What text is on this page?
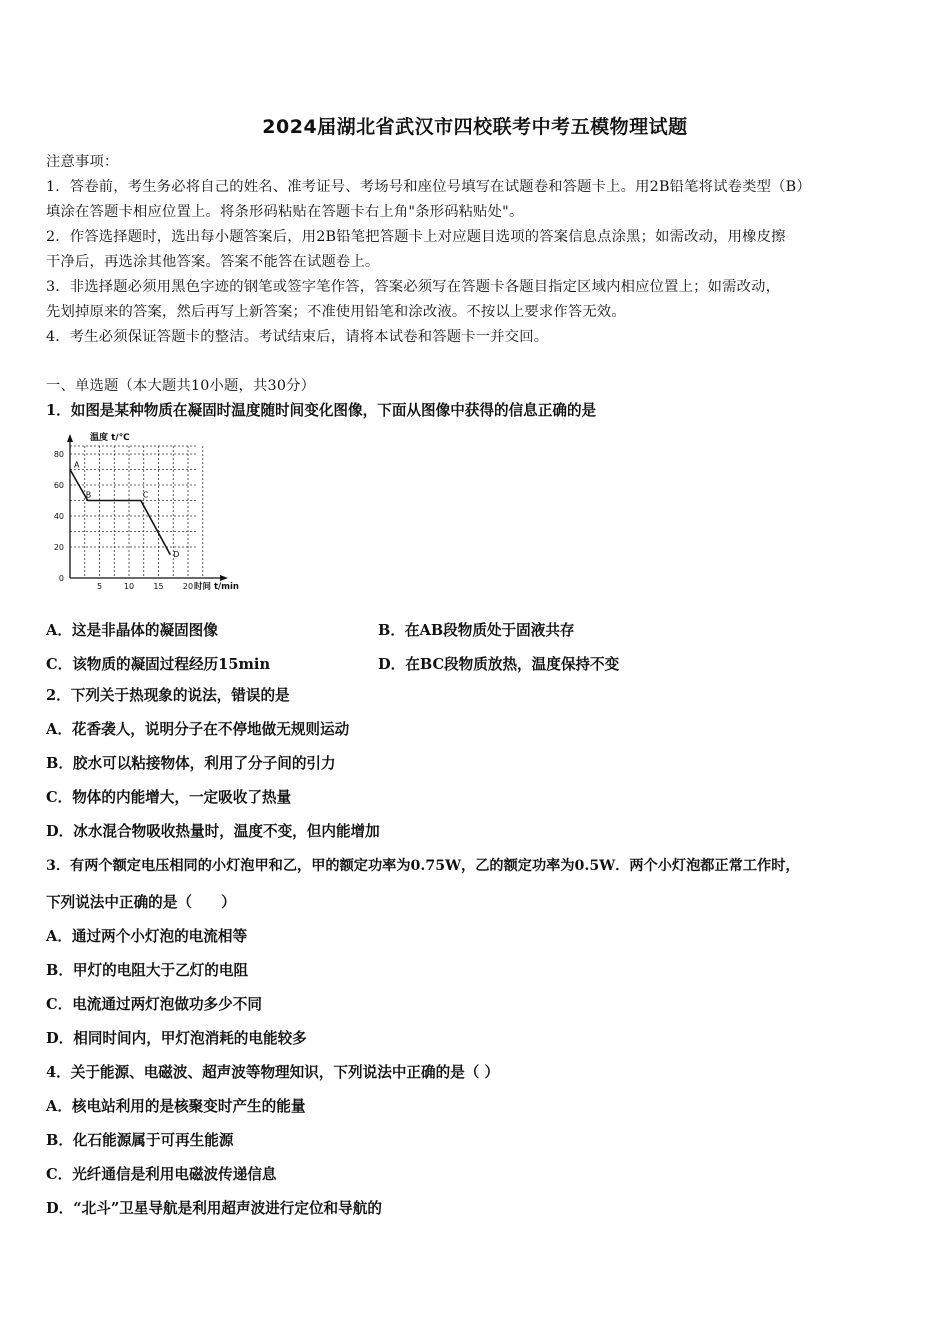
2024届湖北省武汉市四校联考中考五模物理试题
注意事项：
1．答卷前，考生务必将自己的姓名、准考证号、考场号和座位号填写在试题卷和答题卡上。用2B铅笔将试卷类型（B）
填涂在答题卡相应位置上。将条形码粘贴在答题卡右上角"条形码粘贴处"。
2．作答选择题时，选出每小题答案后，用2B铅笔把答题卡上对应题目选项的答案信息点涂黑；如需改动，用橡皮擦
干净后，再选涂其他答案。答案不能答在试题卷上。
3．非选择题必须用黑色字迹的钢笔或签字笔作答，答案必须写在答题卡各题目指定区域内相应位置上；如需改动，
先划掉原来的答案，然后再写上新答案；不准使用铅笔和涂改液。不按以上要求作答无效。
4．考生必须保证答题卡的整洁。考试结束后，请将本试卷和答题卡一并交回。
一、单选题（本大题共10小题，共30分）
1．如图是某种物质在凝固时温度随时间变化图像，下面从图像中获得的信息正确的是
0
20
40
60
80
5	10 15 20
温度 t/℃
时间 t/min
A
B	C
D
A．这是非晶体的凝固图像	B．在AB段物质处于固液共存
C．该物质的凝固过程经历15min	D．在BC段物质放热，温度保持不变
2．下列关于热现象的说法，错误的是
A．花香袭人，说明分子在不停地做无规则运动
B．胶水可以粘接物体，利用了分子间的引力
C．物体的内能增大，一定吸收了热量
D．冰水混合物吸收热量时，温度不变，但内能增加
3．有两个额定电压相同的小灯泡甲和乙，甲的额定功率为0.75W，乙的额定功率为0.5W．两个小灯泡都正常工作时，
下列说法中正确的是（　　）
A．通过两个小灯泡的电流相等
B．甲灯的电阻大于乙灯的电阻
C．电流通过两灯泡做功多少不同
D．相同时间内，甲灯泡消耗的电能较多
4．关于能源、电磁波、超声波等物理知识，下列说法中正确的是（ ）
A．核电站利用的是核聚变时产生的能量
B．化石能源属于可再生能源
C．光纤通信是利用电磁波传递信息
D．“北斗”卫星导航是利用超声波进行定位和导航的
